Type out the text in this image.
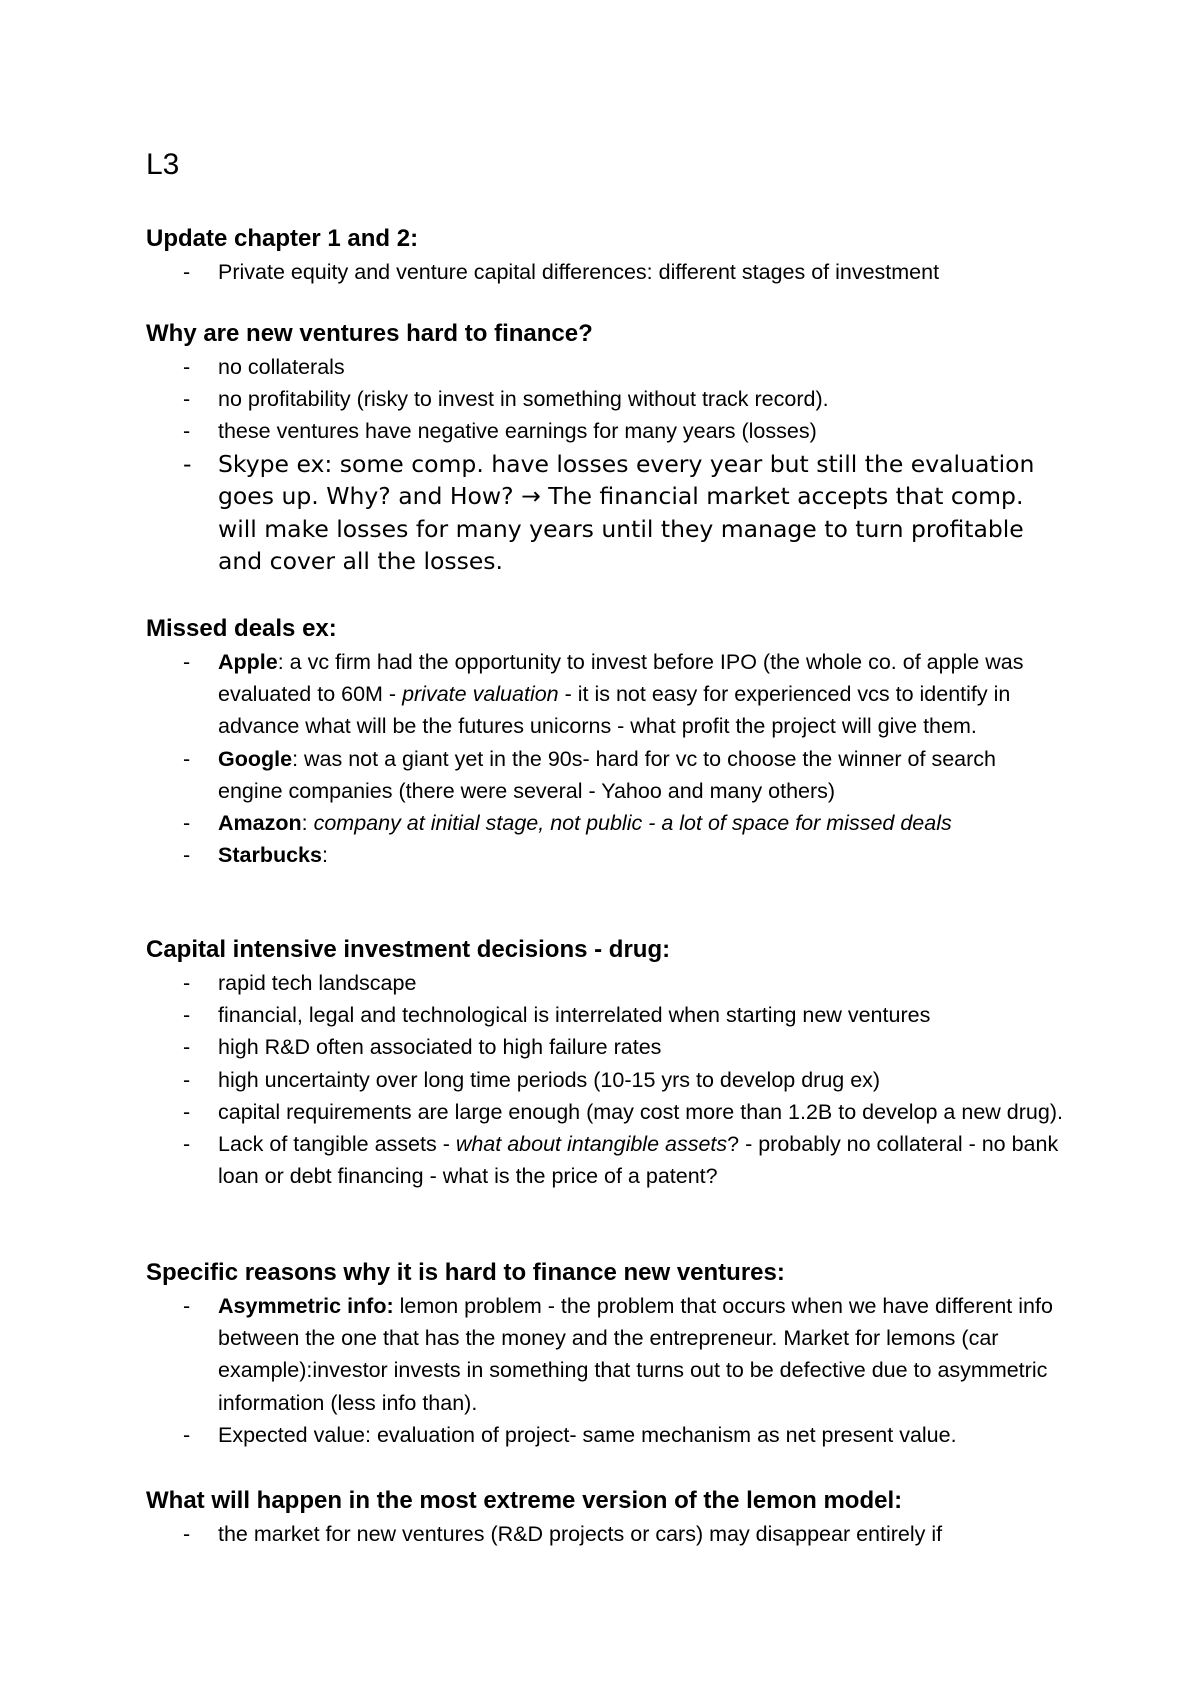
L3
Update chapter 1 and 2:
- Private equity and venture capital differences: different stages of investment
Why are new ventures hard to finance?
- no collaterals
- no profitability (risky to invest in something without track record).
- these ventures have negative earnings for many years (losses)
- Skype ex: some comp. have losses every year but still the evaluation goes up. Why? and How? → The financial market accepts that comp. will make losses for many years until they manage to turn profitable and cover all the losses.
Missed deals ex:
- Apple: a vc firm had the opportunity to invest before IPO (the whole co. of apple was evaluated to 60M - private valuation - it is not easy for experienced vcs to identify in advance what will be the futures unicorns - what profit the project will give them.
- Google: was not a giant yet in the 90s- hard for vc to choose the winner of search engine companies (there were several - Yahoo and many others)
- Amazon: company at initial stage, not public - a lot of space for missed deals
- Starbucks:
Capital intensive investment decisions - drug:
- rapid tech landscape
- financial, legal and technological is interrelated when starting new ventures
- high R&D often associated to high failure rates
- high uncertainty over long time periods (10-15 yrs to develop drug ex)
- capital requirements are large enough (may cost more than 1.2B to develop a new drug).
- Lack of tangible assets - what about intangible assets? - probably no collateral - no bank loan or debt financing - what is the price of a patent?
Specific reasons why it is hard to finance new ventures:
- Asymmetric info: lemon problem - the problem that occurs when we have different info between the one that has the money and the entrepreneur. Market for lemons (car example):investor invests in something that turns out to be defective due to asymmetric information (less info than).
- Expected value: evaluation of project- same mechanism as net present value.
What will happen in the most extreme version of the lemon model:
- the market for new ventures (R&D projects or cars) may disappear entirely if
